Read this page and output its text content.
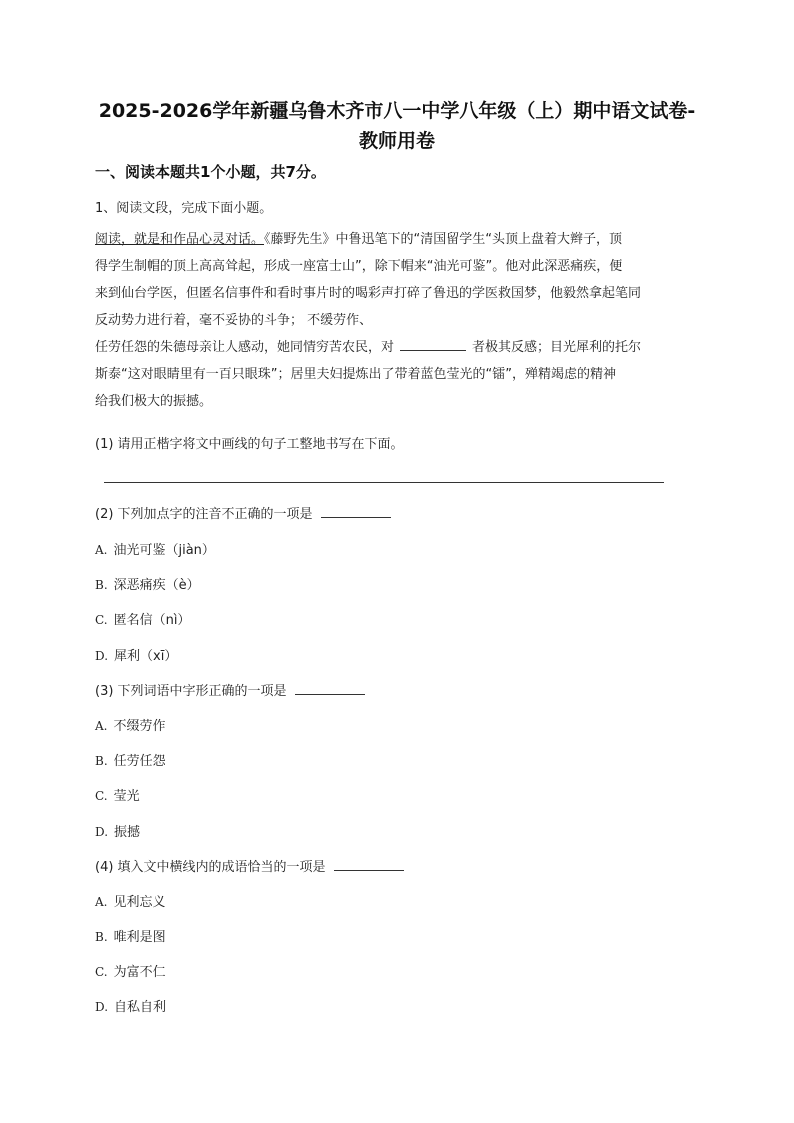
2025-2026学年新疆乌鲁木齐市八一中学八年级（上）期中语文试卷-
教师用卷
一、阅读本题共1个小题，共7分。
1、阅读文段，完成下面小题。

阅读，就是和作品心灵对话。《藤野先生》中鲁迅笔下的“清国留学生“头顶上盘着大辫子，顶

得学生制帽的顶上高高耸起，形成一座富士山”，除下帽来“油光可鉴”。他对此深恶痛疾，便

来到仙台学医，但匿名信事件和看时事片时的喝彩声打碎了鲁迅的学医救国梦，他毅然拿起笔同

反动势力进行着，毫不妥协的斗争； 不缓劳作、

任劳任怨的朱德母亲让人感动，她同情穷苦农民，对	者极其反感；目光犀利的托尔

斯泰“这对眼睛里有一百只眼珠”；居里夫妇提炼出了带着蓝色莹光的“镭”，殚精竭虑的精神

给我们极大的振撼。

(1) 请用正楷字将文中画线的句子工整地书写在下面。
(2) 下列加点字的注音不正确的一项是
A. 油光可鉴（jiàn）
B. 深恶痛疾（è）
C. 匿名信（nì）
D. 犀利（xī）
(3) 下列词语中字形正确的一项是
A. 不缀劳作
B. 任劳任怨
C. 莹光
D. 振撼
(4) 填入文中横线内的成语恰当的一项是
A. 见利忘义
B. 唯利是图
C. 为富不仁
D. 自私自利
